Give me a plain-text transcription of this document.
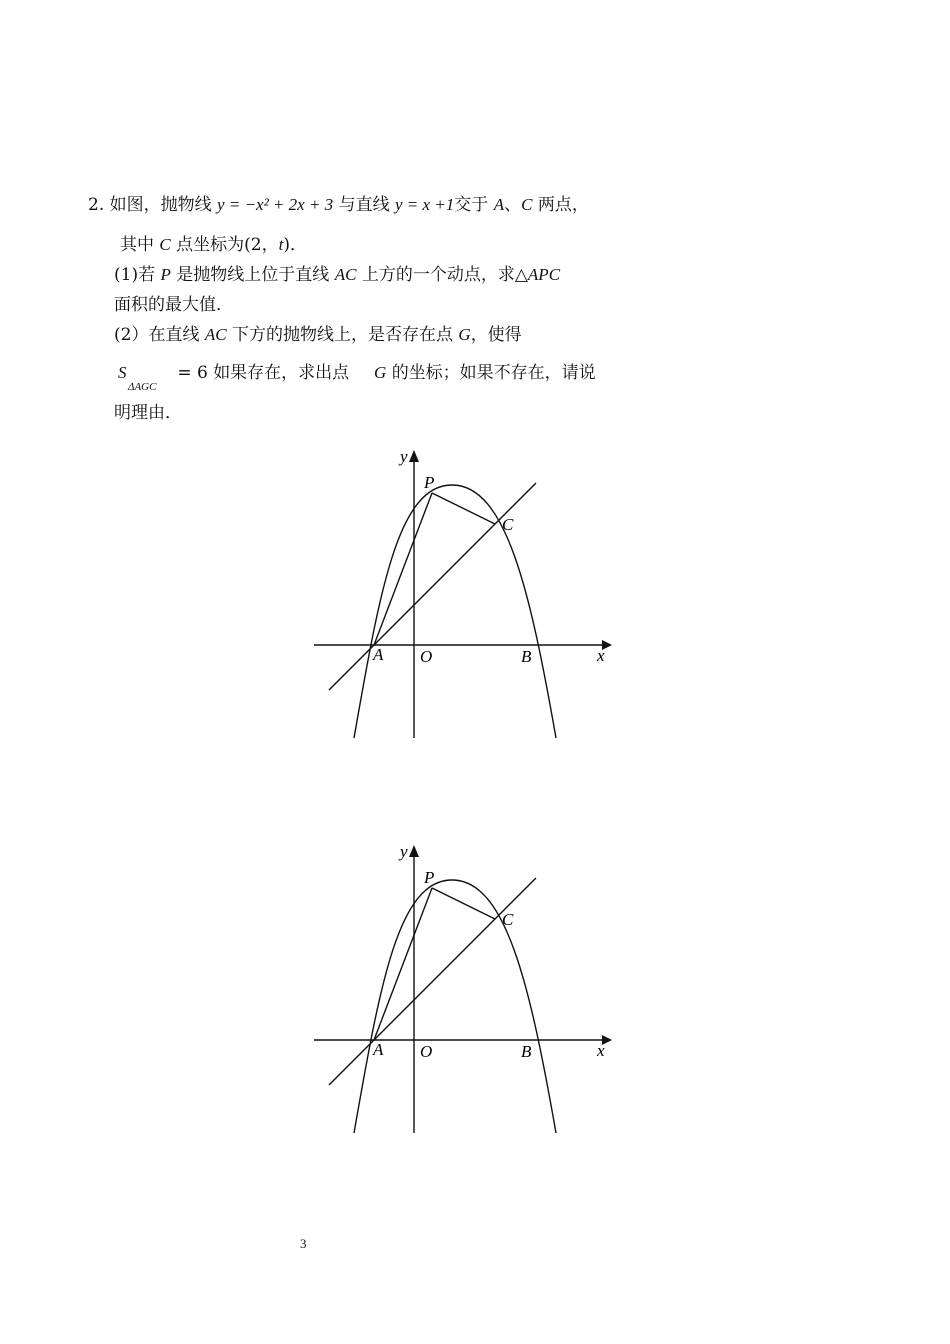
2. 如图，抛物线 y = −x² + 2x + 3 与直线 y = x +1交于 A、C 两点，
其中 C 点坐标为(2，t)．
(1)若 P 是抛物线上位于直线 AC 上方的一个动点，求△APC
面积的最大值．
(2）在直线 AC 下方的抛物线上，是否存在点 G，使得
S	= 6 如果存在，求出点 G 的坐标；如果不存在，请说
ΔAGC
明理由．
y
x
P
C
A O	B
y
x
P
C
A O	B
3
